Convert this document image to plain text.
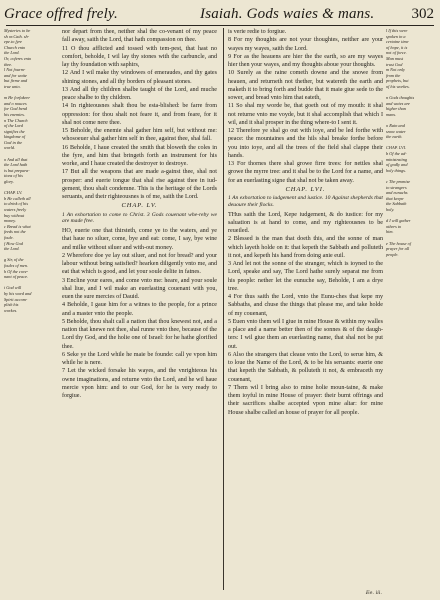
Grace offred frely.	Isaiah. Gods waies & mans. 302
Mysteries to be
sh or.Cath. sh-
epe.to fyre
Church vnto
the Lord.
Or, coferes vnto
thee.
l Not fourm-
and for waite
but firme and
true unto.

m He forfakeer
and o nouces
for God bend
his enemies.
n The Church
of the Lord
signifies the
kingdome of
God in the
world.

o And all that
the Lord hath
is but prepara-
tions of his
glory.

CHAP. LV.
b He calleth all
to drink of his
waters freely
buy without
money.
c Bread is what
feeds not the
foule.
f How God
the Lord.

g Sir, of the
foules of men.
h Of the cove-
nant of peace.

i God will
by his word and
Spirit accom-
plish his
workes.
l If this were
spoken in a
certaine time
of hope, it is
not of force.
Man must
trust God
m Not only
from the
prophets, but
of his workes.

n Gods thoughts
and waies are
higher than
mans.

o Rain and
snow water
the earth.

CHAP. LVI.
b Of the ad-
ministrating
of godly and
holy things.

c The promise
to strangers
and eunuchs
that keepe
the Sabbath
holy.

d I will gather
others to
him.

e The house of
prayer for all
people.

nor depart from thee, neither shal the co-venant of my peace fall away, saith the Lord, that hath compassion on thee.

11 O thou afflicted and tossed with tem-pest, that hast no comfort, beholde, I wil lay thy stones with the carbuncle, and lay thy foundation with saphirs,

12 And I wil make thy windowes of emeraudes, and thy gates shining stones, and all thy borders of pleasant stones.

13 And all thy children shalbe taught of the Lord, and muche peace shalbe to thy children.

14 In righteousnes shalt thou be esta-blished: be farre from oppression: for thou shalt not feare it, and from feare, for it shal not come nere thee.

15 Beholde, the enemie shal gather him self, but without me: whosoeuer shal gather him self in thee, against thee, shal fall.

16 Beholde, I haue created the smith that bloweth the coles in the fyre, and him that bringeth forth an instrument for his worke, and I haue created the destroyer to destroye.

17 But all the weapons that are made a-gainst thee, shal not prosper: and euerie tongue that shal rise against thee in iud-gement, thou shalt condemne. This is the heritage of the Lords seruants, and their righteousnes is of me, saith the Lord.

CHAP. LV.

1 An exhortation to come to Christ. 3 Gods couenant whe-reby we are made free.

HO, euerie one that thirsteth, come ye to the waters, and ye that haue no siluer, come, bye and eat: come, I say, bye wine and milke without siluer and with-out money.

2 Wherefore doe ye lay out siluer, and not for bread? and your labour without being satisfied? hearken diligently vnto me, and eat that which is good, and let your soule delite in fatnes.

3 Encline your eares, and come vnto me: heare, and your soule shal liue, and I wil make an euerlasting couenant with you, euen the sure mercies of Dauid.

4 Beholde, I gaue him for a witnes to the people, for a prince and a master vnto the people.

5 Beholde, thou shalt call a nation that thou knewest not, and a nation that knewe not thee, shal runne vnto thee, because of the Lord thy God, and the holie one of Israel: for he hathe glorified thee.

6 Seke ye the Lord while he maie be founde: call ye vpon him while he is nere.

7 Let the wicked forsake his wayes, and the vnrighteous his owne imaginations, and returne vnto the Lord, and he wil haue mercie vpon him: and to our God, for he is very ready to forgiue.

is verie redie to forgiue.

8 For my thoughts are not your thoughtes, neither are your wayes my wayes, saith the Lord.

9 For as the heauens are hier the the earth, so are my wayes hier then your wayes, and my thoughts aboue your thoughts.

10 Surely as the raine cometh downe and the snowe from heauen, and returneth not thether, but watereth the earth and maketh it to bring forth and budde that it maie giue sede to the sower, and bread vnto him that eateth,

11 So shal my worde be, that goeth out of my mouth: it shal not returne vnto me voyde, but it shal accomplish that which I wil, and it shal prosper in the thing where-to I sent it.

12 Therefore ye shal go out with ioye, and be led forthe with peace: the mountaines and the hils shal breake forthe before you into ioye, and all the trees of the field shal clappe their hands.

13 For thornes there shal growe firre trees: for nettles shal growe the myrre tree: and it shal be to the Lord for a name, and for an euerlasting signe that shal not be taken away.

CHAP. LVI.

1 An exhortation to iudgement and iustice. 10 Against shepherds that deuoure their flocks.

THus saith the Lord, Kepe iudgement, & do iustice: for my saluation is at hand to come, and my righteousnes to be reueiled.

2 Blessed is the man that doeth this, and the sonne of man which layeth holde on it: that kepeth the Sabbath and polluteth it not, and kepeth his hand from doing anie euil.

3 And let not the sonne of the stranger, which is ioyned to the Lord, speake and say, The Lord hathe surely separat me from his people: nether let the eunuche say, Beholde, I am a drye tree.

4 For thus saith the Lord, vnto the Eunu-ches that kepe my Sabbaths, and chuse the things that please me, and take holde of my couenant,

5 Euen vnto them wil I giue in mine House & within my walles a place and a name better then of the sonnes & of the daugh-ters: I wil giue them an euerlasting name, that shal not be put out.

6 Also the strangers that cleaue vnto the Lord, to serue him, & to loue the Name of the Lord, & to be his seruants: euerie one that kepeth the Sabbath, & polluteth it not, & embraceth my couenant,

7 Them wil I bring also to mine holie moun-taine, & make them ioyful in mine House of prayer: their burnt offrings and their sacrifices shalbe accepted vpon mine altar: for mine House shalbe called an house of prayer for all people.

Ee. iii.
